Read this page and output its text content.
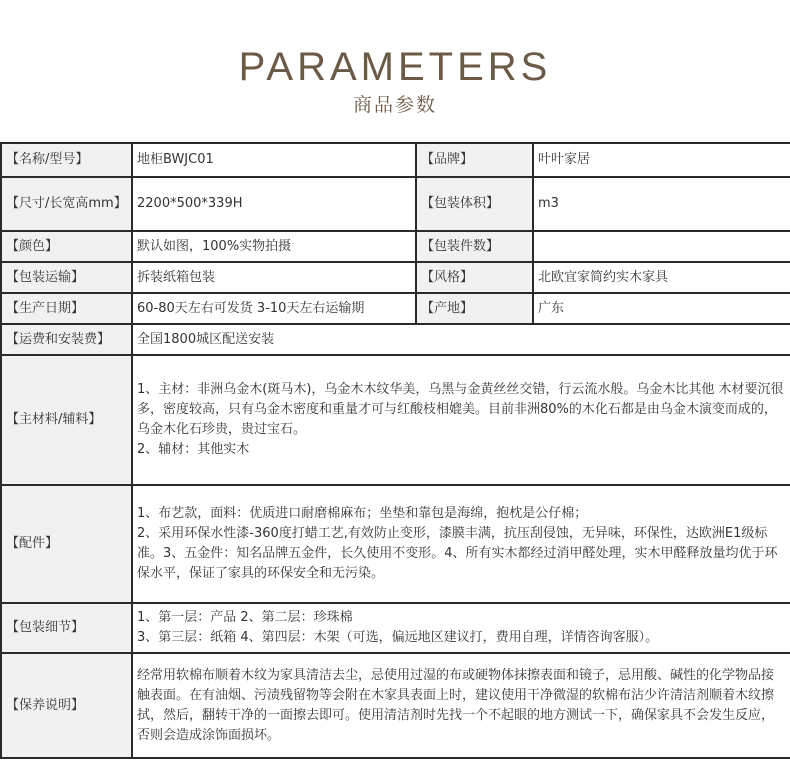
PARAMETERS
商品参数
【名称/型号】	地柜BWJC01	【品牌】	叶叶家居
【尺寸/长宽高mm】	2200*500*339H	【包装体积】	m3
【颜色】	默认如图，100%实物拍摄	【包装件数】	
【包装运输】	拆装纸箱包装	【风格】	北欧宜家简约实木家具
【生产日期】	60-80天左右可发货 3-10天左右运输期	【产地】	广东
【运费和安装费】	全国1800城区配送安装		
【主材料/辅料】	1、主材：非洲乌金木(斑马木)，乌金木木纹华美，乌黑与金黄丝丝交错，行云流水般。乌金木比其他 木材要沉很多，密度较高，只有乌金木密度和重量才可与红酸枝相媲美。目前非洲80%的木化石都是由乌金木演变而成的，乌金木化石珍贵，贵过宝石。

2、辅材：其他实木		

【配件】	1、布艺款，面料：优质进口耐磨棉麻布；坐垫和靠包是海绵，抱枕是公仔棉；

2、采用环保水性漆-360度打蜡工艺,有效防止变形，漆膜丰满，抗压刮侵蚀，无异味，环保性，达欧洲E1级标准。3、五金件：知名品牌五金件，长久使用不变形。4、所有实木都经过消甲醛处理，实木甲醛释放量均优于环保水平，保证了家具的环保安全和无污染。		

【包装细节】	1、第一层：产品 2、第二层：珍珠棉

3、第三层：纸箱 4、第四层：木架（可选，偏远地区建议打，费用自理，详情咨询客服）。		

【保养说明】	经常用软棉布顺着木纹为家具清洁去尘，忌使用过湿的布或硬物体抹擦表面和镜子，忌用酸、碱性的化学物品接触表面。在有油烟、污渍残留物等会附在木家具表面上时，建议使用干净微湿的软棉布沾少许清洁剂顺着木纹擦拭，然后，翻转干净的一面擦去即可。使用清洁剂时先找一个不起眼的地方测试一下，确保家具不会发生反应，否则会造成涂饰面损坏。		
